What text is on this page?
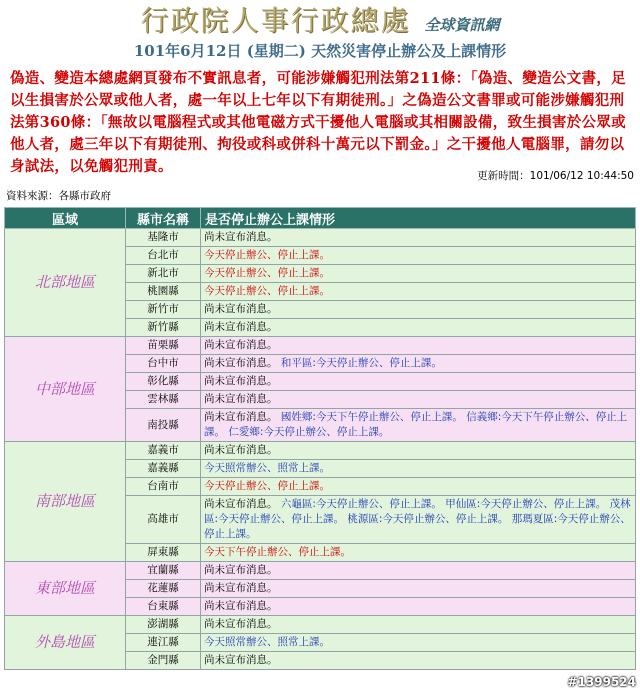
行政院人事行政總處 全球資訊網
101年6月12日 (星期二) 天然災害停止辦公及上課情形
偽造、變造本總處網頁發布不實訊息者，可能涉嫌觸犯刑法第211條：「偽造、變造公文書，足以生損害於公眾或他人者，處一年以上七年以下有期徒刑。」之偽造公文書罪或可能涉嫌觸犯刑法第360條：「無故以電腦程式或其他電磁方式干擾他人電腦或其相關設備，致生損害於公眾或他人者，處三年以下有期徒刑、拘役或科或併科十萬元以下罰金。」之干擾他人電腦罪，請勿以身試法，以免觸犯刑責。
更新時間：101/06/12 10:44:50
資料來源：各縣市政府
區域	縣市名稱	是否停止辦公上課情形
北部地區	基隆市	尚未宣布消息。
	台北市	今天停止辦公、停止上課。
	新北市	今天停止辦公、停止上課。
	桃園縣	今天停止辦公、停止上課。
	新竹市	尚未宣布消息。
	新竹縣	尚未宣布消息。
中部地區	苗栗縣	尚未宣布消息。
	台中市	尚未宣布消息。 和平區:今天停止辦公、停止上課。
	彰化縣	尚未宣布消息。
	雲林縣	尚未宣布消息。
	南投縣	尚未宣布消息。 國姓鄉:今天下午停止辦公、停止上課。 信義鄉:今天下午停止辦公、停止上課。 仁愛鄉:今天停止辦公、停止上課。
南部地區	嘉義市	尚未宣布消息。
	嘉義縣	今天照常辦公、照常上課。
	台南市	今天停止辦公、停止上課。
	高雄市	尚未宣布消息。 六龜區:今天停止辦公、停止上課。 甲仙區:今天停止辦公、停止上課。 茂林區:今天停止辦公、停止上課。 桃源區:今天停止辦公、停止上課。 那瑪夏區:今天停止辦公、停止上課。
	屏東縣	今天下午停止辦公、停止上課。
東部地區	宜蘭縣	尚未宣布消息。
	花蓮縣	尚未宣布消息。
	台東縣	尚未宣布消息。
外島地區	澎湖縣	尚未宣布消息。
	連江縣	今天照常辦公、照常上課。
	金門縣	尚未宣布消息。
#1399524
